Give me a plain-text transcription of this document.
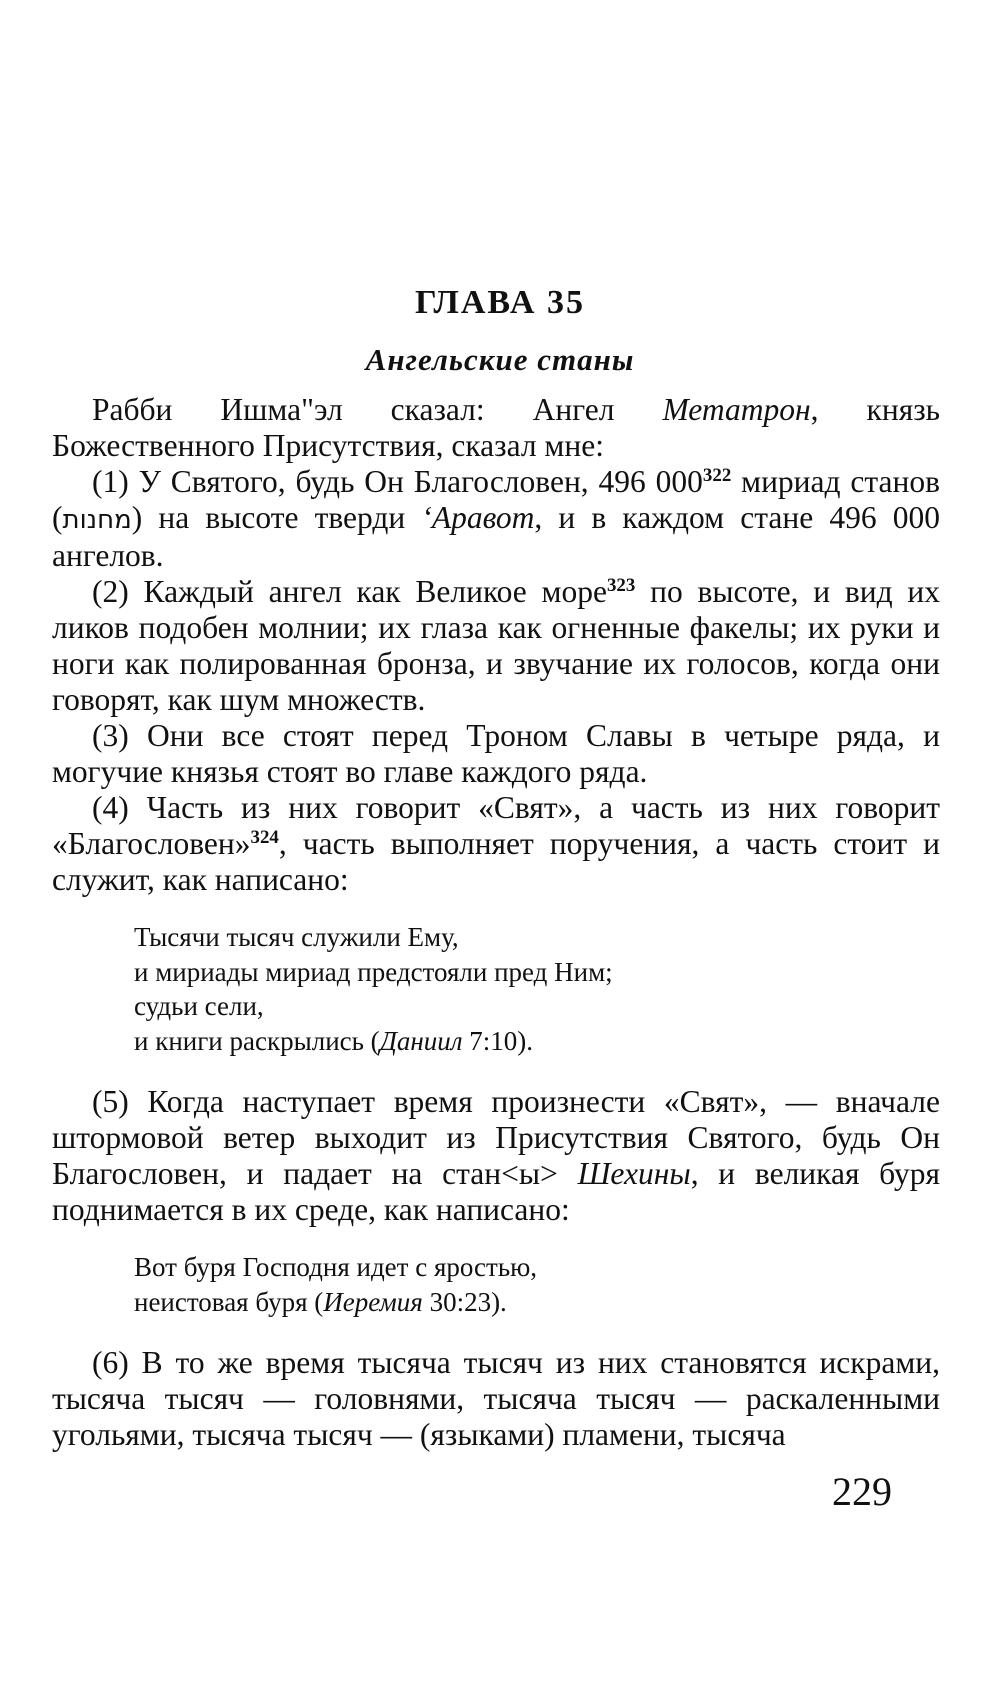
ГЛАВА 35
Ангельские станы

Рабби Ишма"эл сказал: Ангел Метатрон, князь Божественного Присутствия, сказал мне:

(1) У Святого, будь Он Благословен, 496 $000^{322}$ мириад станов (מחנות) на высоте тверди ‘Аравот, и в каждом стане 496 000 ангелов.

(2) Каждый ангел как Великое море$^{323}$ по высоте, и вид их ликов подобен молнии; их глаза как огненные факелы; их руки и ноги как полированная бронза, и звучание их голосов, когда они говорят, как шум множеств.

(3) Они все стоят перед Троном Славы в четыре ряда, и могучие князья стоят во главе каждого ряда.

(4) Часть из них говорит «Свят», а часть из них говорит «Благословен»$^{324}$, часть выполняет поручения, а часть стоит и служит, как написано:

Тысячи тысяч служили Ему,
и мириады мириад предстояли пред Ним;
судьи сели,
и книги раскрылись (Даниил 7:10).

(5) Когда наступает время произнести «Свят», — вначале штормовой ветер выходит из Присутствия Святого, будь Он Благословен, и падает на стан<ы> Шехины, и великая буря поднимается в их среде, как написано:

Вот буря Господня идет с яростью,
неистовая буря (Иеремия 30:23).

(6) В то же время тысяча тысяч из них становятся искрами, тысяча тысяч — головнями, тысяча тысяч — раскаленными угольями, тысяча тысяч — (языками) пламени, тысяча

229
